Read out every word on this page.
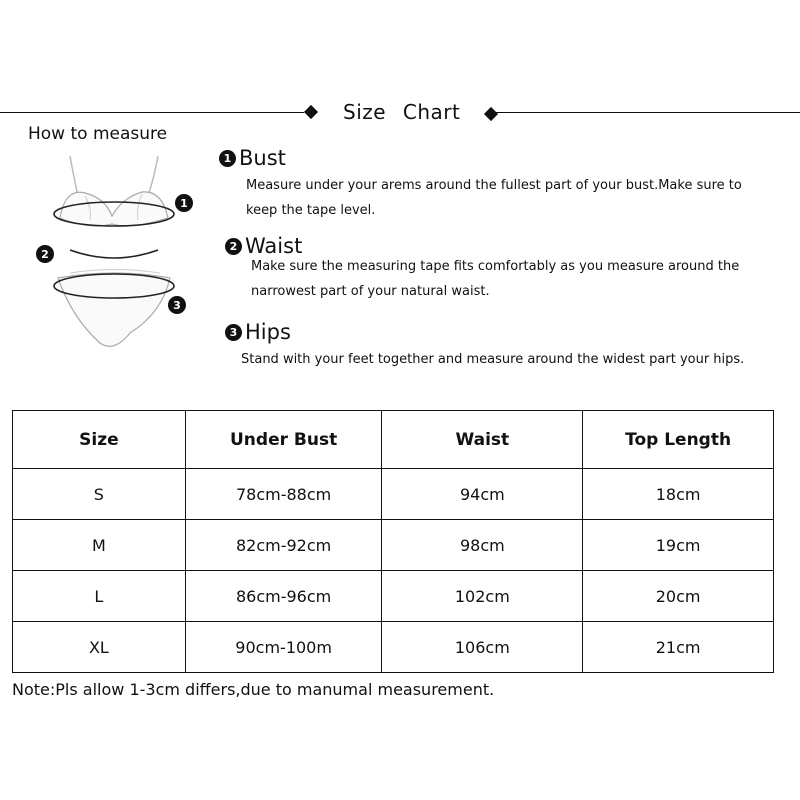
Size Chart
How to measure
1
2
3
1 Bust
Measure under your arems around the fullest part of your bust.Make sure to keep the tape level.
2 Waist
Make sure the measuring tape fits comfortably as you measure around the narrowest part of your natural waist.
3 Hips
Stand with your feet together and measure around the widest part your hips.
Size	Under Bust	Waist	Top Length
S	78cm-88cm	94cm	18cm
M	82cm-92cm	98cm	19cm
L	86cm-96cm	102cm	20cm
XL	90cm-100m	106cm	21cm
Note:Pls allow 1-3cm differs,due to manumal measurement.
